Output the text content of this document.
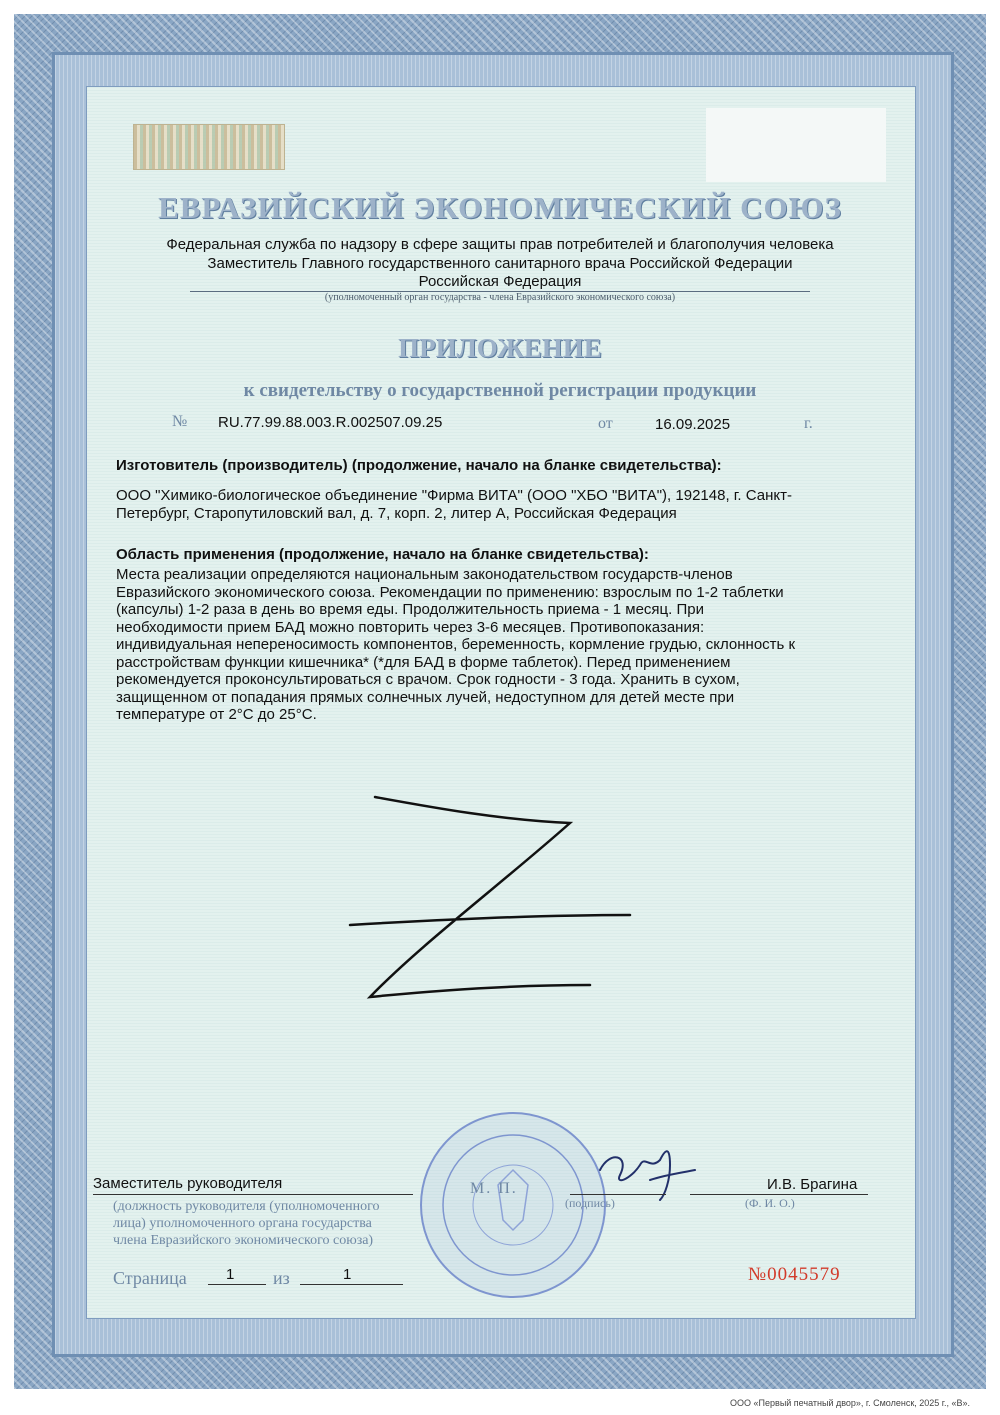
ЕВРАЗИЙСКИЙ ЭКОНОМИЧЕСКИЙ СОЮЗ
Федеральная служба по надзору в сфере защиты прав потребителей и благополучия человека
Заместитель Главного государственного санитарного врача Российской Федерации
Российская Федерация
(уполномоченный орган государства - члена Евразийского экономического союза)
ПРИЛОЖЕНИЕ
к свидетельству о государственной регистрации продукции
№ RU.77.99.88.003.R.002507.09.25	от	16.09.2025	г.
Изготовитель (производитель) (продолжение, начало на бланке свидетельства):

ООО "Химико-биологическое объединение "Фирма ВИТА" (ООО "ХБО "ВИТА"), 192148, г. Санкт-
Петербург, Старопутиловский вал, д. 7, корп. 2, литер А, Российская Федерация

Область применения (продолжение, начало на бланке свидетельства):

Места реализации определяются национальным законодательством государств-членов
Евразийского экономического союза. Рекомендации по применению: взрослым по 1-2 таблетки
(капсулы) 1-2 раза в день во время еды. Продолжительность приема - 1 месяц. При
необходимости прием БАД можно повторить через 3-6 месяцев. Противопоказания:
индивидуальная непереносимость компонентов, беременность, кормление грудью, склонность к
расстройствам функции кишечника* (*для БАД в форме таблеток). Перед применением
рекомендуется проконсультироваться с врачом. Срок годности - 3 года. Хранить в сухом,
защищенном от попадания прямых солнечных лучей, недоступном для детей месте при
температуре от 2°С до 25°С.

Заместитель руководителя
(должность руководителя (уполномоченного
лица) уполномоченного органа государства
члена Евразийского экономического союза)
М. П.
(подпись)
И.В. Брагина
(Ф. И. О.)
Страница	1 из	1	№0045579
ООО «Первый печатный двор», г. Смоленск, 2025 г., «В».
